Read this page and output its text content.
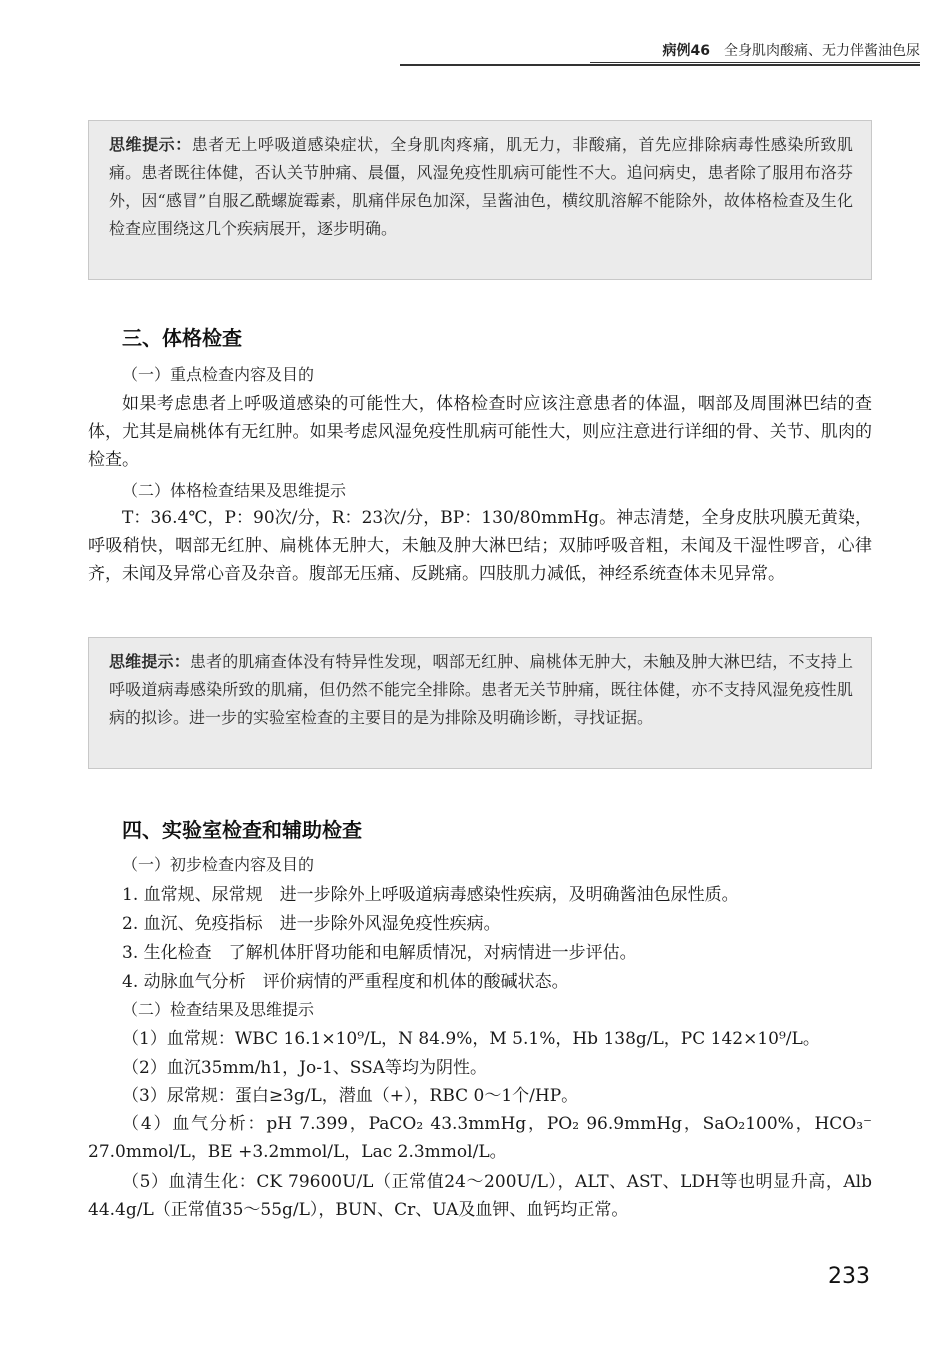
病例46 全身肌肉酸痛、无力伴酱油色尿
思维提示：患者无上呼吸道感染症状，全身肌肉疼痛，肌无力，非酸痛，首先应排除病毒性感染所致肌痛。患者既往体健，否认关节肿痛、晨僵，风湿免疫性肌病可能性不大。追问病史，患者除了服用布洛芬外，因“感冒”自服乙酰螺旋霉素，肌痛伴尿色加深，呈酱油色，横纹肌溶解不能除外，故体格检查及生化检查应围绕这几个疾病展开，逐步明确。
三、体格检查
（一）重点检查内容及目的
如果考虑患者上呼吸道感染的可能性大，体格检查时应该注意患者的体温，咽部及周围淋巴结的查体，尤其是扁桃体有无红肿。如果考虑风湿免疫性肌病可能性大，则应注意进行详细的骨、关节、肌肉的检查。
（二）体格检查结果及思维提示
T：36.4℃，P：90次/分，R：23次/分，BP：130/80mmHg。神志清楚，全身皮肤巩膜无黄染，呼吸稍快，咽部无红肿、扁桃体无肿大，未触及肿大淋巴结；双肺呼吸音粗，未闻及干湿性啰音，心律齐，未闻及异常心音及杂音。腹部无压痛、反跳痛。四肢肌力减低，神经系统查体未见异常。
思维提示：患者的肌痛查体没有特异性发现，咽部无红肿、扁桃体无肿大，未触及肿大淋巴结，不支持上呼吸道病毒感染所致的肌痛，但仍然不能完全排除。患者无关节肿痛，既往体健，亦不支持风湿免疫性肌病的拟诊。进一步的实验室检查的主要目的是为排除及明确诊断，寻找证据。
四、实验室检查和辅助检查
（一）初步检查内容及目的
1. 血常规、尿常规　进一步除外上呼吸道病毒感染性疾病，及明确酱油色尿性质。
2. 血沉、免疫指标　进一步除外风湿免疫性疾病。
3. 生化检查　了解机体肝肾功能和电解质情况，对病情进一步评估。
4. 动脉血气分析　评价病情的严重程度和机体的酸碱状态。
（二）检查结果及思维提示
（1）血常规：WBC 16.1×10⁹/L，N 84.9%，M 5.1%，Hb 138g/L，PC 142×10⁹/L。
（2）血沉35mm/h1，Jo-1、SSA等均为阴性。
（3）尿常规：蛋白≥3g/L，潜血（+），RBC 0～1个/HP。
（4）血气分析：pH 7.399，PaCO₂ 43.3mmHg，PO₂ 96.9mmHg，SaO₂100%，HCO₃⁻ 27.0mmol/L，BE +3.2mmol/L，Lac 2.3mmol/L。
（5）血清生化：CK 79600U/L（正常值24～200U/L），ALT、AST、LDH等也明显升高，Alb 44.4g/L（正常值35～55g/L），BUN、Cr、UA及血钾、血钙均正常。
233
